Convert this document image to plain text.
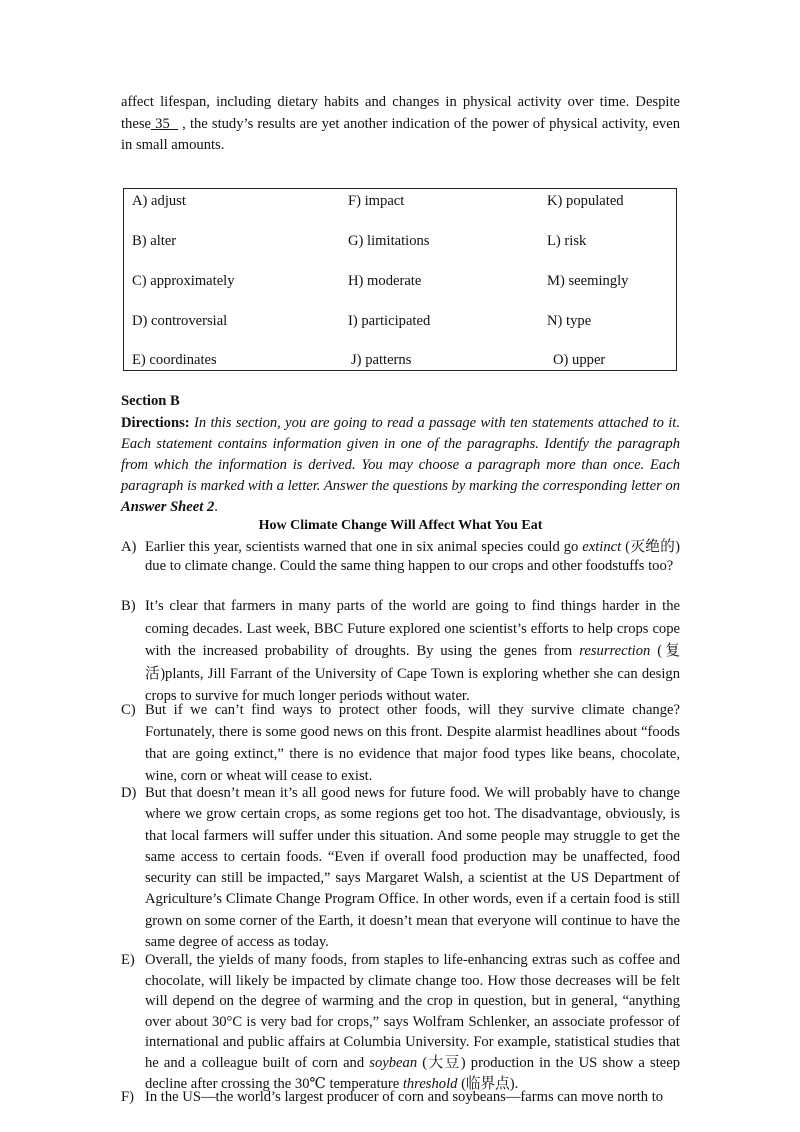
affect lifespan, including dietary habits and changes in physical activity over time. Despite these 35 , the study’s results are yet another indication of the power of physical activity, even in small amounts.
A) adjust	F) impact	K) populated
B) alter	G) limitations	L) risk
C) approximately	H) moderate	M) seemingly
D) controversial	I) participated	N) type
E) coordinates	J) patterns	O) upper
Section B
Directions: In this section, you are going to read a passage with ten statements attached to it. Each statement contains information given in one of the paragraphs. Identify the paragraph from which the information is derived. You may choose a paragraph more than once. Each paragraph is marked with a letter. Answer the questions by marking the corresponding letter on Answer Sheet 2.
How Climate Change Will Affect What You Eat
A) Earlier this year, scientists warned that one in six animal species could go extinct (灭绝的) due to climate change. Could the same thing happen to our crops and other foodstuffs too?
B) It’s clear that farmers in many parts of the world are going to find things harder in the coming decades. Last week, BBC Future explored one scientist’s efforts to help crops cope with the increased probability of droughts. By using the genes from resurrection (复活)plants, Jill Farrant of the University of Cape Town is exploring whether she can design crops to survive for much longer periods without water.
C) But if we can’t find ways to protect other foods, will they survive climate change? Fortunately, there is some good news on this front. Despite alarmist headlines about “foods that are going extinct,” there is no evidence that major food types like beans, chocolate, wine, corn or wheat will cease to exist.
D) But that doesn’t mean it’s all good news for future food. We will probably have to change where we grow certain crops, as some regions get too hot. The disadvantage, obviously, is that local farmers will suffer under this situation. And some people may struggle to get the same access to certain foods. “Even if overall food production may be unaffected, food security can still be impacted,” says Margaret Walsh, a scientist at the US Department of Agriculture’s Climate Change Program Office. In other words, even if a certain food is still grown on some corner of the Earth, it doesn’t mean that everyone will continue to have the same degree of access as today.
E) Overall, the yields of many foods, from staples to life-enhancing extras such as coffee and chocolate, will likely be impacted by climate change too. How those decreases will be felt will depend on the degree of warming and the crop in question, but in general, “anything over about 30°C is very bad for crops,” says Wolfram Schlenker, an associate professor of international and public affairs at Columbia University. For example, statistical studies that he and a colleague built of corn and soybean (大豆) production in the US show a steep decline after crossing the 30℃ temperature threshold (临界点).
F) In the US—the world’s largest producer of corn and soybeans—farms can move north to
